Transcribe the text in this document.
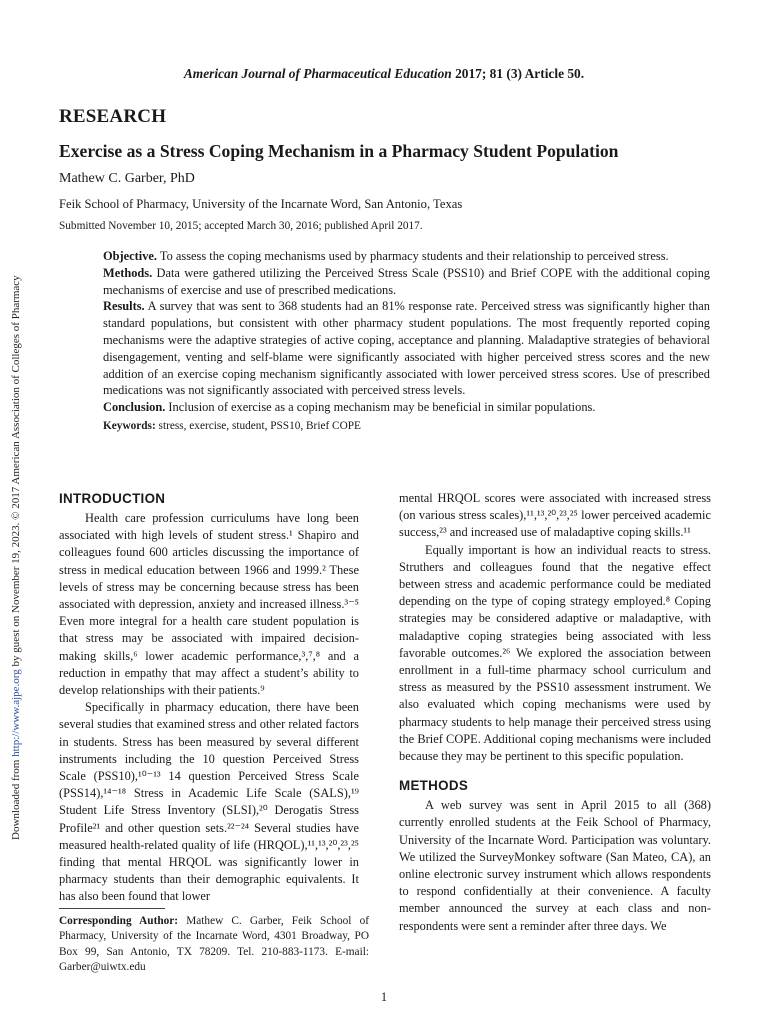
Downloaded from http://www.ajpe.org by guest on November 19, 2023. © 2017 American Association of Colleges of Pharmacy
American Journal of Pharmaceutical Education 2017; 81 (3) Article 50.
RESEARCH
Exercise as a Stress Coping Mechanism in a Pharmacy Student Population
Mathew C. Garber, PhD
Feik School of Pharmacy, University of the Incarnate Word, San Antonio, Texas
Submitted November 10, 2015; accepted March 30, 2016; published April 2017.

Objective. To assess the coping mechanisms used by pharmacy students and their relationship to perceived stress.

Methods. Data were gathered utilizing the Perceived Stress Scale (PSS10) and Brief COPE with the additional coping mechanisms of exercise and use of prescribed medications.

Results. A survey that was sent to 368 students had an 81% response rate. Perceived stress was significantly higher than standard populations, but consistent with other pharmacy student populations. The most frequently reported coping mechanisms were the adaptive strategies of active coping, acceptance and planning. Maladaptive strategies of behavioral disengagement, venting and self-blame were significantly associated with higher perceived stress scores and the new addition of an exercise coping mechanism significantly associated with lower perceived stress scores. Use of prescribed medications was not significantly associated with perceived stress levels.

Conclusion. Inclusion of exercise as a coping mechanism may be beneficial in similar populations.

Keywords: stress, exercise, student, PSS10, Brief COPE

INTRODUCTION

Health care profession curriculums have long been associated with high levels of student stress.¹ Shapiro and colleagues found 600 articles discussing the importance of stress in medical education between 1966 and 1999.² These levels of stress may be concerning because stress has been associated with depression, anxiety and increased illness.³⁻⁵ Even more integral for a health care student population is that stress may be associated with impaired decision-making skills,⁶ lower academic performance,³,⁷,⁸ and a reduction in empathy that may affect a student’s ability to develop relationships with their patients.⁹

Specifically in pharmacy education, there have been several studies that examined stress and other related factors in students. Stress has been measured by several different instruments including the 10 question Perceived Stress Scale (PSS10),¹⁰⁻¹³ 14 question Perceived Stress Scale (PSS14),¹⁴⁻¹⁸ Stress in Academic Life Scale (SALS),¹⁹ Student Life Stress Inventory (SLSI),²⁰ Derogatis Stress Profile²¹ and other question sets.²²⁻²⁴ Several studies have measured health-related quality of life (HRQOL),¹¹,¹³,²⁰,²³,²⁵ finding that mental HRQOL was significantly lower in pharmacy students than their demographic equivalents. It has also been found that lower

mental HRQOL scores were associated with increased stress (on various stress scales),¹¹,¹³,²⁰,²³,²⁵ lower perceived academic success,²³ and increased use of maladaptive coping skills.¹¹

Equally important is how an individual reacts to stress. Struthers and colleagues found that the negative effect between stress and academic performance could be mediated depending on the type of coping strategy employed.⁸ Coping strategies may be considered adaptive or maladaptive, with maladaptive coping strategies being associated with less favorable outcomes.²⁶ We explored the association between enrollment in a full-time pharmacy school curriculum and stress as measured by the PSS10 assessment instrument. We also evaluated which coping mechanisms were used by pharmacy students to help manage their perceived stress using the Brief COPE. Additional coping mechanisms were included because they may be pertinent to this specific population.

METHODS

A web survey was sent in April 2015 to all (368) currently enrolled students at the Feik School of Pharmacy, University of the Incarnate Word. Participation was voluntary. We utilized the SurveyMonkey software (San Mateo, CA), an online electronic survey instrument which allows respondents to respond confidentially at their convenience. A faculty member announced the survey at each class and non-respondents were sent a reminder after three days. We

Corresponding Author: Mathew C. Garber, Feik School of Pharmacy, University of the Incarnate Word, 4301 Broadway, PO Box 99, San Antonio, TX 78209. Tel. 210-883-1173. E-mail: Garber@uiwtx.edu
1
